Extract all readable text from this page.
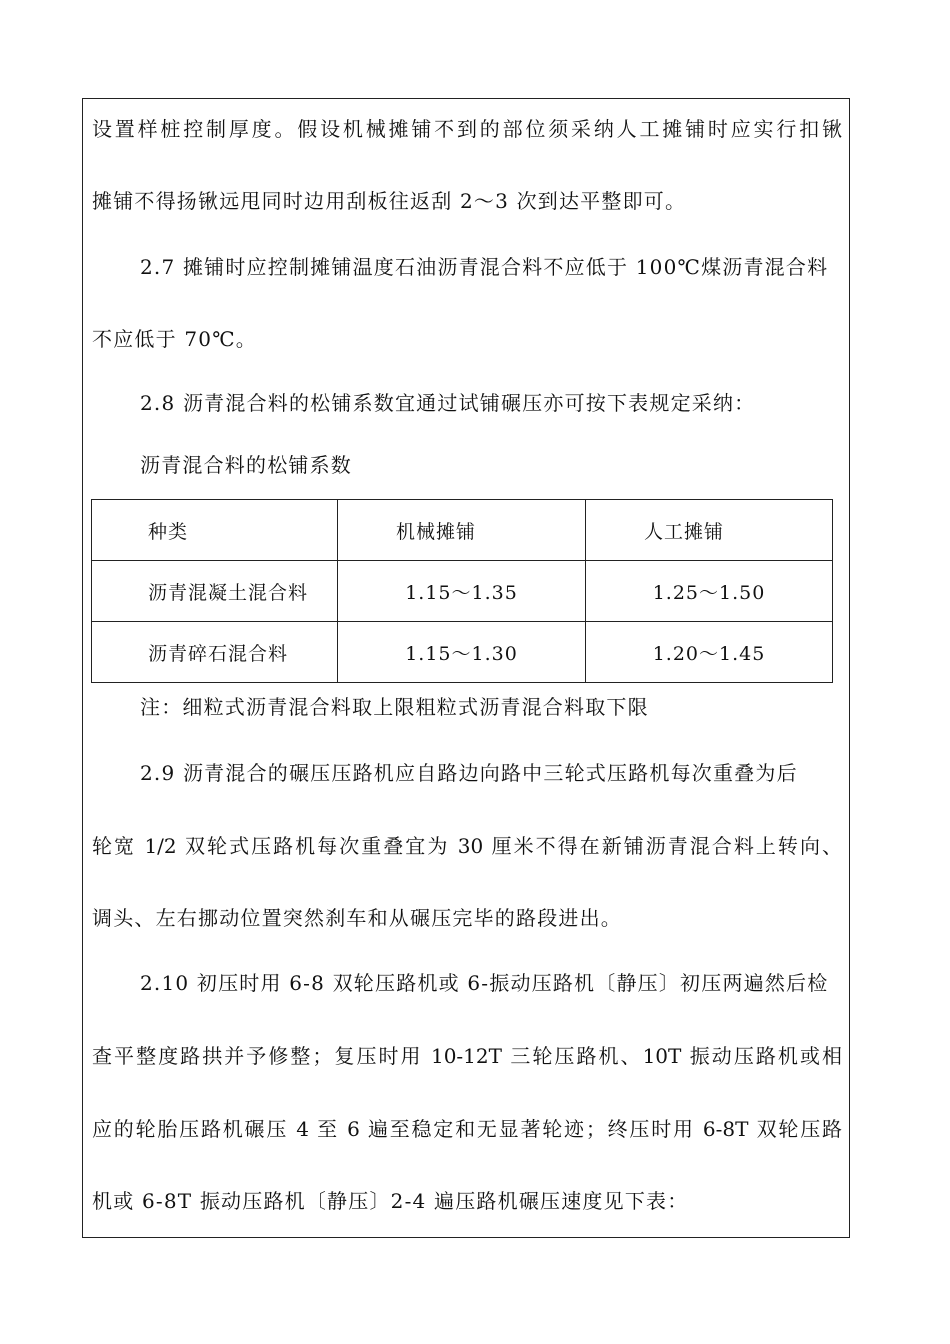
设置样桩控制厚度。假设机械摊铺不到的部位须采纳人工摊铺时应实行扣锹
摊铺不得扬锹远甩同时边用刮板往返刮 2～3 次到达平整即可。
2.7 摊铺时应控制摊铺温度石油沥青混合料不应低于 100℃煤沥青混合料
不应低于 70℃。
2.8 沥青混合料的松铺系数宜通过试铺碾压亦可按下表规定采纳：
沥青混合料的松铺系数
种类	机械摊铺	人工摊铺
沥青混凝土混合料	1.15～1.35	1.25～1.50
沥青碎石混合料	1.15～1.30	1.20～1.45
注：细粒式沥青混合料取上限粗粒式沥青混合料取下限
2.9 沥青混合的碾压压路机应自路边向路中三轮式压路机每次重叠为后
轮宽 1/2 双轮式压路机每次重叠宜为 30 厘米不得在新铺沥青混合料上转向、
调头、左右挪动位置突然刹车和从碾压完毕的路段进出。
2.10 初压时用 6-8 双轮压路机或 6-振动压路机〔静压〕初压两遍然后检
查平整度路拱并予修整；复压时用 10-12T 三轮压路机、10T 振动压路机或相
应的轮胎压路机碾压 4 至 6 遍至稳定和无显著轮迹；终压时用 6-8T 双轮压路
机或 6-8T 振动压路机〔静压〕2-4 遍压路机碾压速度见下表：
